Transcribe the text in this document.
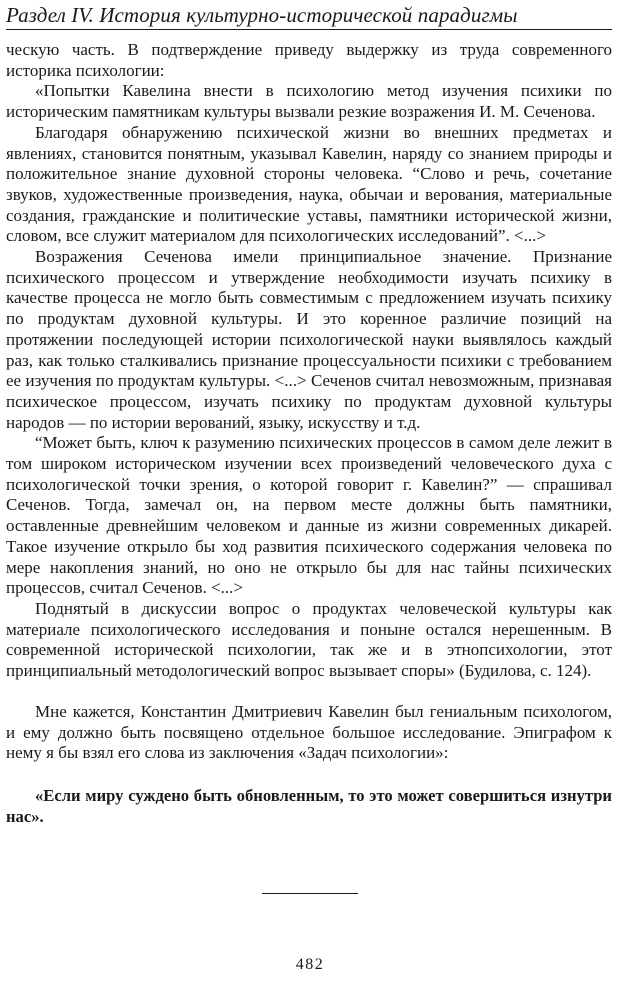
Раздел IV. История культурно-исторической парадигмы

ческую часть. В подтверждение приведу выдержку из труда современного историка психологии:

«Попытки Кавелина внести в психологию метод изучения психики по историческим памятникам культуры вызвали резкие возражения И. М. Сеченова.

Благодаря обнаружению психической жизни во внешних предметах и явлениях, становится понятным, указывал Кавелин, наряду со знанием природы и положительное знание духовной стороны человека. “Слово и речь, сочетание звуков, художественные произведения, наука, обычаи и верования, материальные создания, гражданские и политические уставы, памятники исторической жизни, словом, все служит материалом для психологических исследований”. <...>

Возражения Сеченова имели принципиальное значение. Признание психического процессом и утверждение необходимости изучать психику в качестве процесса не могло быть совместимым с предложением изучать психику по продуктам духовной культуры. И это коренное различие позиций на протяжении последующей истории психологической науки выявлялось каждый раз, как только сталкивались признание процессуальности психики с требованием ее изучения по продуктам культуры. <...> Сеченов считал невозможным, признавая психическое процессом, изучать психику по продуктам духовной культуры народов — по истории верований, языку, искусству и т.д.

“Может быть, ключ к разумению психических процессов в самом деле лежит в том широком историческом изучении всех произведений человеческого духа с психологической точки зрения, о которой говорит г. Кавелин?” — спрашивал Сеченов. Тогда, замечал он, на первом месте должны быть памятники, оставленные древнейшим человеком и данные из жизни современных дикарей. Такое изучение открыло бы ход развития психического содержания человека по мере накопления знаний, но оно не открыло бы для нас тайны психических процессов, считал Сеченов. <...>

Поднятый в дискуссии вопрос о продуктах человеческой культуры как материале психологического исследования и поныне остался нерешенным. В современной исторической психологии, так же и в этнопсихологии, этот принципиальный методологический вопрос вызывает споры» (Будилова, с. 124).

Мне кажется, Константин Дмитриевич Кавелин был гениальным психологом, и ему должно быть посвящено отдельное большое исследование. Эпиграфом к нему я бы взял его слова из заключения «Задач психологии»:

«Если миру суждено быть обновленным, то это может совершиться изнутри нас».

482
